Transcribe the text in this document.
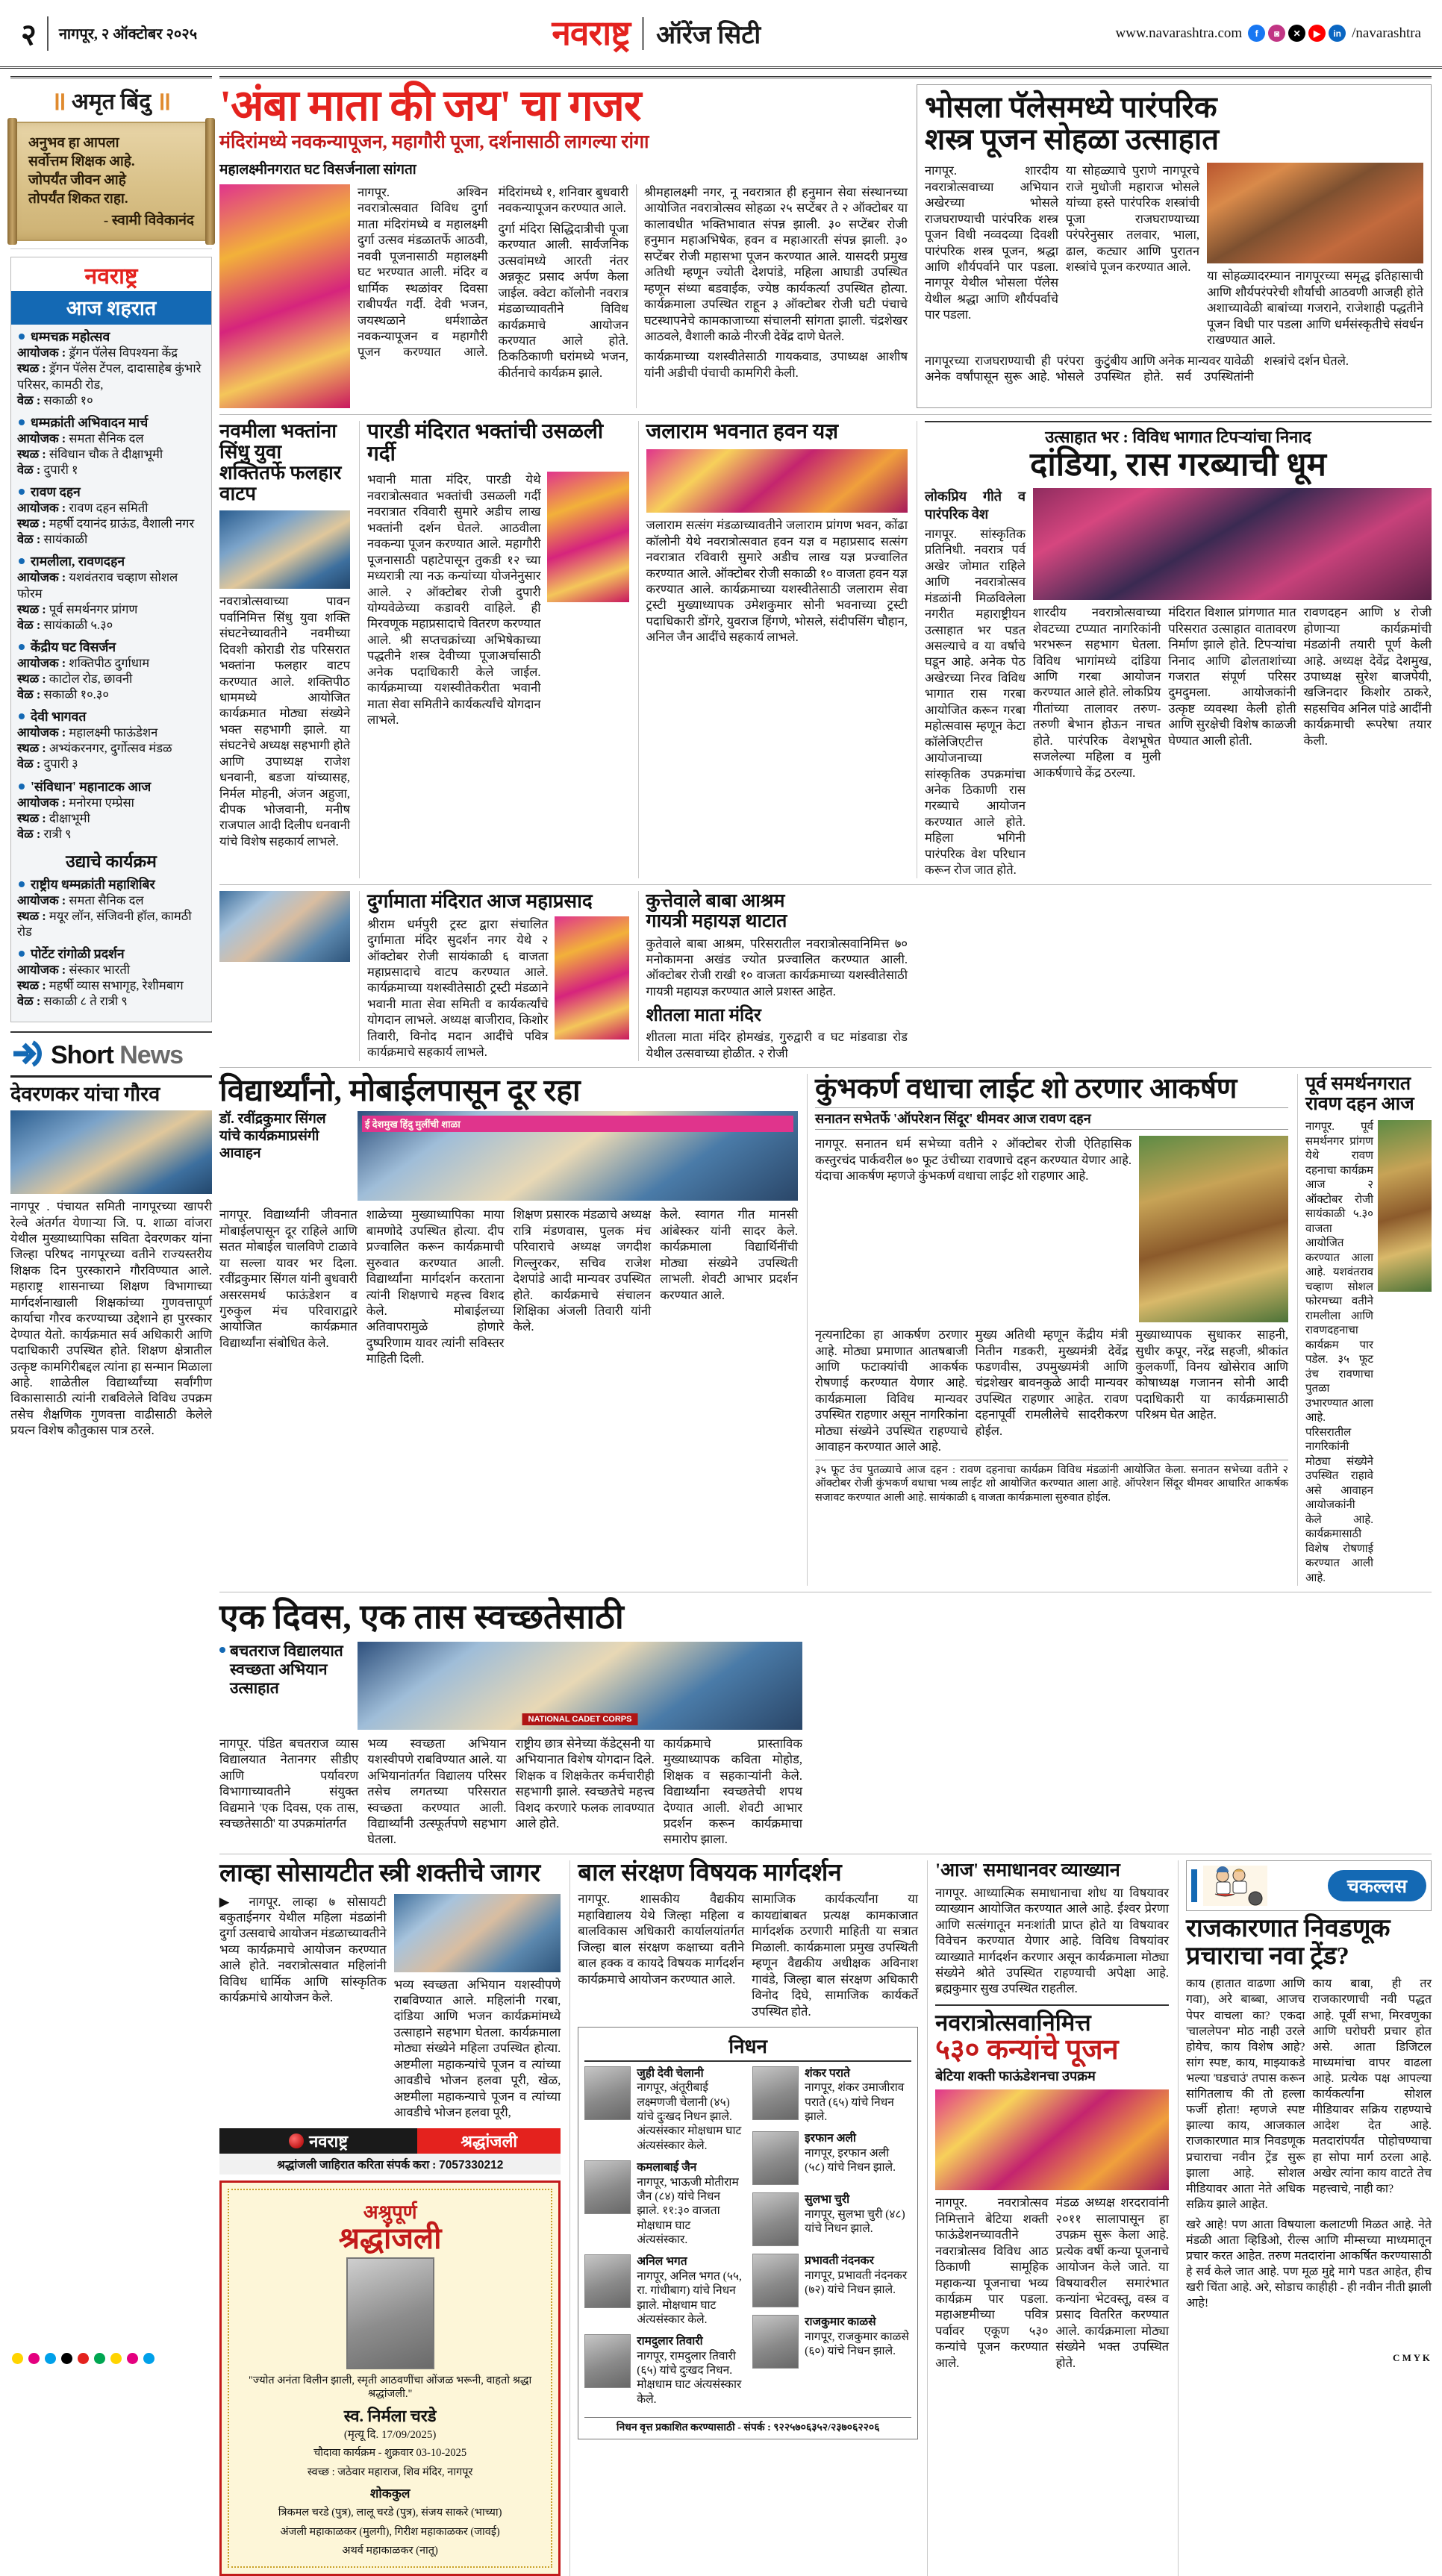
२	नागपूर, २ ऑक्टोबर २०२५	नवराष्ट्र ऑरेंज सिटी	www.navarashtra.com	f	◙	✕	▶	in /navarashtra
॥ अमृत बिंदु ॥
अनुभव हा आपला
सर्वोत्तम शिक्षक आहे.
जोपर्यंत जीवन आहे
तोपर्यंत शिकत राहा.
- स्वामी विवेकानंद
नवराष्ट्र
आज शहरात
धम्मचक्र महोत्सव
आयोजक : ड्रॅगन पॅलेस विपश्यना केंद्र
स्थळ : ड्रॅगन पॅलेस टेंपल, दादासाहेब कुंभारे परिसर, कामठी रोड,
वेळ : सकाळी १०
धम्मक्रांती अभिवादन मार्च
आयोजक : समता सैनिक दल
स्थळ : संविधान चौक ते दीक्षाभूमी
वेळ : दुपारी १
रावण दहन
आयोजक : रावण दहन समिती
स्थळ : महर्षी दयानंद ग्राऊंड, वैशाली नगर
वेळ : सायंकाळी
रामलीला, रावणदहन
आयोजक : यशवंतराव चव्हाण सोशल फोरम
स्थळ : पूर्व समर्थनगर प्रांगण
वेळ : सायंकाळी ५.३०
केंद्रीय घट विसर्जन
आयोजक : शक्तिपीठ दुर्गाधाम
स्थळ : काटोल रोड, छावनी
वेळ : सकाळी १०.३०
देवी भागवत
आयोजक : महालक्ष्मी फाऊंडेशन
स्थळ : अभ्यंकरनगर, दुर्गोत्सव मंडळ
वेळ : दुपारी ३
'संविधान' महानाटक आज
आयोजक : मनोरमा एम्प्रेसा
स्थळ : दीक्षाभूमी
वेळ : रात्री ९
उद्याचे कार्यक्रम
राष्ट्रीय धम्मक्रांती महाशिबिर
आयोजक : समता सैनिक दल
स्थळ : मयूर लॉन, संजिवनी हॉल, कामठी रोड
पोर्टेट रांगोळी प्रदर्शन
आयोजक : संस्कार भारती
स्थळ : महर्षी व्यास सभागृह, रेशीमबाग
वेळ : सकाळी ८ ते रात्री ९
Short News
देवरणकर यांचा गौरव
नागपूर . पंचायत समिती नागपूरच्या खापरी रेल्वे अंतर्गत येणाऱ्या जि. प. शाळा वांजरा येथील मुख्याध्यापिका सविता देवरणकर यांना जिल्हा परिषद नागपूरच्या वतीने राज्यस्तरीय शिक्षक दिन पुरस्काराने गौरविण्यात आले. महाराष्ट्र शासनाच्या शिक्षण विभागाच्या मार्गदर्शनाखाली शिक्षकांच्या गुणवत्तापूर्ण कार्याचा गौरव करण्याच्या उद्देशाने हा पुरस्कार देण्यात येतो. कार्यक्रमात सर्व अधिकारी आणि पदाधिकारी उपस्थित होते. शिक्षण क्षेत्रातील उत्कृष्ट कामगिरीबद्दल त्यांना हा सन्मान मिळाला आहे. शाळेतील विद्यार्थ्यांच्या सर्वांगीण विकासासाठी त्यांनी राबविलेले विविध उपक्रम तसेच शैक्षणिक गुणवत्ता वाढीसाठी केलेले प्रयत्न विशेष कौतुकास पात्र ठरले.
'अंबा माता की जय' चा गजर
मंदिरांमध्ये नवकन्यापूजन, महागौरी पूजा, दर्शनासाठी लागल्या रांगा
महालक्ष्मीनगरात घट विसर्जनाला सांगता

नागपूर. अश्विन नवरात्रोत्सवात विविध दुर्गा माता मंदिरांमध्ये व महालक्ष्मी दुर्गा उत्सव मंडळातर्फे आठवी, नववी पूजनासाठी महालक्ष्मी घट भरण्यात आली. मंदिर व धार्मिक स्थळांवर दिवसा राबीपर्यंत गर्दी. देवी भजन, जयस्थळाने धर्मशाळेत नवकन्यापूजन व महागौरी पूजन करण्यात आले. मंदिरांमध्ये १, शनिवार बुधवारी नवकन्यापूजन करण्यात आले.

दुर्गा मंदिरा सिद्धिदात्रीची पूजा करण्यात आली. सार्वजनिक उत्सवांमध्ये आरती नंतर अन्नकूट प्रसाद अर्पण केला जाईल. क्वेटा कॉलोनी नवरात्र मंडळाच्यावतीने विविध कार्यक्रमाचे आयोजन करण्यात आले होते. ठिकठिकाणी घरांमध्ये भजन, कीर्तनाचे कार्यक्रम झाले.

श्रीमहालक्ष्मी नगर, नू नवरात्रात ही हनुमान सेवा संस्थानच्या आयोजित नवरात्रोत्सव सोहळा २५ सप्टेंबर ते २ ऑक्टोबर या कालावधीत भक्तिभावात संपन्न झाली. ३० सप्टेंबर रोजी हनुमान महाअभिषेक, हवन व महाआरती संपन्न झाली. ३० सप्टेंबर रोजी महासभा पूजन करण्यात आले. यासदरी प्रमुख अतिथी म्हणून ज्योती देशपांडे, महिला आघाडी उपस्थित म्हणून संध्या बडवाईक, ज्येष्ठ कार्यकर्त्या उपस्थित होत्या. कार्यक्रमाला उपस्थित राहून ३ ऑक्टोबर रोजी घटी पंचाचे घटस्थापनेचे कामकाजाच्या संचालनी सांगता झाली. चंद्रशेखर आठवले, वैशाली काळे नीरजी देवेंद्र दाणे घेतले.

कार्यक्रमाच्या यशस्वीतेसाठी गायकवाड, उपाध्यक्ष आशीष यांनी अडीची पंचाची कामगिरी केली.

भोसला पॅलेसमध्ये पारंपरिक
शस्त्र पूजन सोहळा उत्साहात

नागपूर. शारदीय नवरात्रोत्सवाच्या अभियान अखेरच्या भोसले राजघराण्याची पारंपरिक शस्त्र पूजन विधी नव्वदव्या दिवशी पारंपरिक शस्त्र पूजन, श्रद्धा आणि शौर्यपर्वाने पार पडला. नागपूर येथील भोसला पॅलेस येथील श्रद्धा आणि शौर्यपर्वाचे पार पडला.

या सोहळ्याचे पुराणे नागपूरचे राजे मुधोजी महाराज भोसले यांच्या हस्ते पारंपरिक शस्त्रांची पूजा राजघराण्याच्या परंपरेनुसार तलवार, भाला, ढाल, कट्यार आणि पुरातन शस्त्रांचे पूजन करण्यात आले.

या सोहळ्यादरम्यान नागपूरच्या समृद्ध इतिहासाची आणि शौर्यपरंपरेची शौर्याची आठवणी आजही होते अशाच्यावेळी बाबांच्या गजराने, राजेशाही पद्धतीने पूजन विधी पार पडला आणि धर्मसंस्कृतीचे संवर्धन राखण्यात आले.
नागपूरच्या राजघराण्याची ही परंपरा अनेक वर्षांपासून सुरू आहे. भोसले कुटुंबीय आणि अनेक मान्यवर यावेळी उपस्थित होते. सर्व उपस्थितांनी शस्त्रांचे दर्शन घेतले.
नवमीला भक्तांना सिंधु युवा शक्तितर्फे फलहार वाटप
नवरात्रोत्सवाच्या पावन पर्वानिमित्त सिंधु युवा शक्ति संघटनेच्यावतीने नवमीच्या दिवशी कोराडी रोड परिसरात भक्तांना फलहार वाटप करण्यात आले. शक्तिपीठ धाममध्ये आयोजित कार्यक्रमात मोठ्या संख्येने भक्त सहभागी झाले. या संघटनेचे अध्यक्ष सहभागी होते आणि उपाध्यक्ष राजेश धनवानी, बडजा यांच्यासह, निर्मल मोहनी, अंजन अहुजा, दीपक भोजवानी, मनीष राजपाल आदी दिलीप धनवानी यांचे विशेष सहकार्य लाभले.
पारडी मंदिरात भक्तांची उसळली गर्दी
भवानी माता मंदिर, पारडी येथे नवरात्रोत्सवात भक्तांची उसळली गर्दी नवरात्रात रविवारी सुमारे अडीच लाख भक्तांनी दर्शन घेतले. आठवीला नवकन्या पूजन करण्यात आले. महागौरी पूजनासाठी पहाटेपासून तुकडी १२ च्या मध्यरात्री त्या नऊ कन्यांच्या योजनेनुसार आले. २ ऑक्टोबर रोजी दुपारी योग्यवेळेच्या कडावरी वाहिले. ही मिरवणूक महाप्रसादाचे वितरण करण्यात आले. श्री सप्तचक्रांच्या अभिषेकाच्या पद्धतीने शस्त्र देवीच्या पूजाअर्चासाठी अनेक पदाधिकारी केले जाईल. कार्यक्रमाच्या यशस्वीतेकरीता भवानी माता सेवा समितीने कार्यकर्त्यांचे योगदान लाभले.
जलाराम भवनात हवन यज्ञ
जलाराम सत्संग मंडळाच्यावतीने जलाराम प्रांगण भवन, कोंढा कॉलोनी येथे नवरात्रोत्सवात हवन यज्ञ व महाप्रसाद सत्संग नवरात्रात रविवारी सुमारे अडीच लाख यज्ञ प्रज्वालित करण्यात आले. ऑक्टोबर रोजी सकाळी १० वाजता हवन यज्ञ करण्यात आले. कार्यक्रमाच्या यशस्वीतेसाठी जलाराम सेवा ट्रस्टी मुख्याध्यापक उमेशकुमार सोनी भवनाच्या ट्रस्टी पदाधिकारी डोंगरे, युवराज हिंगणे, भोसले, संदीपसिंग चौहान, अनिल जैन आदींचे सहकार्य लाभले.
उत्साहात भर : विविध भागात टिपऱ्यांचा निनाद
दांडिया, रास गरब्याची धूम
लोकप्रिय गीते व पारंपरिक वेश
नागपूर. सांस्कृतिक प्रतिनिधी. नवरात्र पर्व अखेर जोमात राहिले आणि नवरात्रोत्सव मंडळांनी मिळविलेला नगरीत महाराष्ट्रीयन उत्साहात भर पडत असल्याचे व या वर्षाचे घडून आहे. अनेक पेठ अखेरच्या निरव विविध भागात रास गरबा आयोजित करून गरबा महोत्सवास म्हणून केटा कॉलेजिएटीत्त आयोजनाच्या सांस्कृतिक उपक्रमांचा अनेक ठिकाणी रास गरब्याचे आयोजन करण्यात आले होते. महिला भगिनी पारंपरिक वेश परिधान करून रोज जात होते.
शारदीय नवरात्रोत्सवाच्या शेवटच्या टप्प्यात नागरिकांनी भरभरून सहभाग घेतला. विविध भागांमध्ये दांडिया आणि गरबा आयोजन करण्यात आले होते. लोकप्रिय गीतांच्या तालावर तरुण-तरुणी बेभान होऊन नाचत होते. पारंपरिक वेशभूषेत सजलेल्या महिला व मुली आकर्षणाचे केंद्र ठरल्या.
मंदिरात विशाल प्रांगणात मात परिसरात उत्साहात वातावरण निर्माण झाले होते. टिपऱ्यांचा निनाद आणि ढोलताशांच्या गजरात संपूर्ण परिसर दुमदुमला. आयोजकांनी उत्कृष्ट व्यवस्था केली होती आणि सुरक्षेची विशेष काळजी घेण्यात आली होती.
रावणदहन आणि ४ रोजी होणाऱ्या कार्यक्रमांची मंडळांनी तयारी पूर्ण केली आहे. अध्यक्ष देवेंद्र देशमुख, उपाध्यक्ष सुरेश बाजपेयी, खजिनदार किशोर ठाकरे, सहसचिव अनिल पांडे आदींनी कार्यक्रमाची रूपरेषा तयार केली.
दुर्गामाता मंदिरात आज महाप्रसाद
श्रीराम धर्मपुरी ट्रस्ट द्वारा संचालित दुर्गामाता मंदिर सुदर्शन नगर येथे २ ऑक्टोबर रोजी सायंकाळी ६ वाजता महाप्रसादाचे वाटप करण्यात आले. कार्यक्रमाच्या यशस्वीतेसाठी ट्रस्टी मंडळाने भवानी माता सेवा समिती व कार्यकर्त्यांचे योगदान लाभले. अध्यक्ष बाजीराव, किशोर तिवारी, विनोद मदान आदींचे पवित्र कार्यक्रमाचे सहकार्य लाभले.
कुत्तेवाले बाबा आश्रम
गायत्री महायज्ञ थाटात
कुतेवाले बाबा आश्रम, परिसरातील नवरात्रोत्सवानिमित्त ७० मनोकामना अखंड ज्योत प्रज्वालित करण्यात आली. ऑक्टोबर रोजी राखी १० वाजता कार्यक्रमाच्या यशस्वीतेसाठी गायत्री महायज्ञ करण्यात आले प्रशस्त आहेत.
शीतला माता मंदिर
शीतला माता मंदिर होमखंड, गुरुद्वारी व घट मांडवाडा रोड येथील उत्सवाच्या होळीत. २ रोजी
विद्यार्थ्यांनो, मोबाईलपासून दूर रहा
डॉ. रवींद्रकुमार सिंगल यांचे कार्यक्रमाप्रसंगी आवाहन
ई देशमुख हिंदु मुलींची शाळा
नागपूर. विद्यार्थ्यांनी जीवनात मोबाईलपासून दूर राहिले आणि सतत मोबाईल चालविणे टाळावे या सल्ला यावर भर दिला. रवींद्रकुमार सिंगल यांनी बुधवारी असरसमर्थ फाऊंडेशन व गुरुकुल मंच परिवाराद्वारे आयोजित कार्यक्रमात विद्यार्थ्यांना संबोधित केले.
शाळेच्या मुख्याध्यापिका माया बामणोदे उपस्थित होत्या. दीप प्रज्वालित करून कार्यक्रमाची सुरुवात करण्यात आली. विद्यार्थ्यांना मार्गदर्शन करताना त्यांनी शिक्षणाचे महत्त्व विशद केले. मोबाईलच्या अतिवापरामुळे होणारे दुष्परिणाम यावर त्यांनी सविस्तर माहिती दिली.
शिक्षण प्रसारक मंडळाचे अध्यक्ष रात्रि मंडणवास, पुलक मंच परिवाराचे अध्यक्ष जगदीश गिल्लुरकर, सचिव राजेश देशपांडे आदी मान्यवर उपस्थित होते. कार्यक्रमाचे संचालन शिक्षिका अंजली तिवारी यांनी केले.
केले. स्वागत गीत मानसी आंबेस्कर यांनी सादर केले. कार्यक्रमाला विद्यार्थिनींची मोठ्या संख्येने उपस्थिती लाभली. शेवटी आभार प्रदर्शन करण्यात आले.
कुंभकर्ण वधाचा लाईट शो ठरणार आकर्षण
सनातन सभेतर्फे 'ऑपरेशन सिंदूर' थीमवर आज रावण दहन
नागपूर. सनातन धर्म सभेच्या वतीने २ ऑक्टोबर रोजी ऐतिहासिक कस्तुरचंद पार्कवरील ७० फूट उंचीच्या रावणाचे दहन करण्यात येणार आहे. यंदाचा आकर्षण म्हणजे कुंभकर्ण वधाचा लाईट शो राहणार आहे.
नृत्यनाटिका हा आकर्षण ठरणार आहे. मोठ्या प्रमाणात आतषबाजी आणि फटाक्यांची आकर्षक रोषणाई करण्यात येणार आहे. कार्यक्रमाला विविध मान्यवर उपस्थित राहणार असून नागरिकांना मोठ्या संख्येने उपस्थित राहण्याचे आवाहन करण्यात आले आहे.
मुख्य अतिथी म्हणून केंद्रीय मंत्री नितीन गडकरी, मुख्यमंत्री देवेंद्र फडणवीस, उपमुख्यमंत्री आणि चंद्रशेखर बावनकुळे आदी मान्यवर उपस्थित राहणार आहेत. रावण दहनापूर्वी रामलीलेचे सादरीकरण होईल.
मुख्याध्यापक सुधाकर साहनी, सुधीर कपूर, नरेंद्र सहजी, श्रीकांत कुलकर्णी, विनय खोसेराव आणि कोषाध्यक्ष गजानन सोनी आदी पदाधिकारी या कार्यक्रमासाठी परिश्रम घेत आहेत.
३५ फूट उंच पुतळ्याचे आज दहन : रावण दहनाचा कार्यक्रम विविध मंडळांनी आयोजित केला. सनातन सभेच्या वतीने २ ऑक्टोबर रोजी कुंभकर्ण वधाचा भव्य लाईट शो आयोजित करण्यात आला आहे. ऑपरेशन सिंदूर थीमवर आधारित आकर्षक सजावट करण्यात आली आहे. सायंकाळी ६ वाजता कार्यक्रमाला सुरुवात होईल.
पूर्व समर्थनगरात
रावण दहन आज
नागपूर. पूर्व समर्थनगर प्रांगण येथे रावण दहनाचा कार्यक्रम आज २ ऑक्टोबर रोजी सायंकाळी ५.३० वाजता आयोजित करण्यात आला आहे. यशवंतराव चव्हाण सोशल फोरमच्या वतीने रामलीला आणि रावणदहनाचा कार्यक्रम पार पडेल. ३५ फूट उंच रावणाचा पुतळा उभारण्यात आला आहे. परिसरातील नागरिकांनी मोठ्या संख्येने उपस्थित राहावे असे आवाहन आयोजकांनी केले आहे. कार्यक्रमासाठी विशेष रोषणाई करण्यात आली आहे.
एक दिवस, एक तास स्वच्छतेसाठी
बचतराज विद्यालयात
स्वच्छता अभियान
उत्साहात
NATIONAL CADET CORPS
नागपूर. पंडित बचतराज व्यास विद्यालयात नेतानगर सीडीए आणि पर्यावरण विभागाच्यावतीने संयुक्त विद्यमाने 'एक दिवस, एक तास, स्वच्छतेसाठी' या उपक्रमांतर्गत
भव्य स्वच्छता अभियान यशस्वीपणे राबविण्यात आले. या अभियानांतर्गत विद्यालय परिसर तसेच लगतच्या परिसरात स्वच्छता करण्यात आली. विद्यार्थ्यांनी उत्स्फूर्तपणे सहभाग घेतला.
राष्ट्रीय छात्र सेनेच्या कॅडेट्सनी या अभियानात विशेष योगदान दिले. शिक्षक व शिक्षकेतर कर्मचारीही सहभागी झाले. स्वच्छतेचे महत्त्व विशद करणारे फलक लावण्यात आले होते.
कार्यक्रमाचे प्रास्ताविक मुख्याध्यापक कविता मोहोड, शिक्षक व सहकाऱ्यांनी केले. विद्यार्थ्यांना स्वच्छतेची शपथ देण्यात आली. शेवटी आभार प्रदर्शन करून कार्यक्रमाचा समारोप झाला.
लाव्हा सोसायटीत स्त्री शक्तीचे जागर
▶ नागपूर. लाव्हा ७ सोसायटी बकुताईनगर येथील महिला मंडळांनी दुर्गा उत्सवाचे आयोजन मंडळाच्यावतीने भव्य कार्यक्रमाचे आयोजन करण्यात आले होते. नवरात्रोत्सवात महिलांनी विविध धार्मिक आणि सांस्कृतिक कार्यक्रमांचे आयोजन केले.
भव्य स्वच्छता अभियान यशस्वीपणे राबविण्यात आले. महिलांनी गरबा, दांडिया आणि भजन कार्यक्रमांमध्ये उत्साहाने सहभाग घेतला. कार्यक्रमाला मोठ्या संख्येने महिला उपस्थित होत्या. अष्टमीला महाकन्यांचे पूजन व त्यांच्या आवडीचे भोजन हलवा पूरी, खेळ, अष्टमीला महाकन्याचे पूजन व त्यांच्या आवडीचे भोजन हलवा पूरी,
नवराष्ट्र	श्रद्धांजली
श्रद्धांजली जाहिरात करिता संपर्क करा : 7057330212
अश्रुपूर्ण
श्रद्धांजली
"ज्योत अनंता विलीन झाली, स्मृती आठवणींचा ओंजळ भरूनी, वाहतो श्रद्धा श्रद्धांजली."
स्व. निर्मला चरडे
(मृत्यू दि. 17/09/2025)
चौदावा कार्यक्रम - शुक्रवार 03-10-2025
स्वच्छ : जठेवार महाराज, शिव मंदिर, नागपूर
शोककुल
त्रिकमल चरडे (पुत्र), लालू चरडे (पुत्र), संजय साकरे (भाच्या)
अंजली महाकाळकर (मुलगी), गिरीश महाकाळकर (जावई)
अथर्व महाकाळकर (नातू)
बाल संरक्षण विषयक मार्गदर्शन
नागपूर. शासकीय वैद्यकीय महाविद्यालय येथे जिल्हा महिला व बालविकास अधिकारी कार्यालयांतर्गत जिल्हा बाल संरक्षण कक्षाच्या वतीने बाल हक्क व कायदे विषयक मार्गदर्शन कार्यक्रमाचे आयोजन करण्यात आले.
सामाजिक कार्यकर्त्यांना या कायद्यांबाबत प्रत्यक्ष कामकाजात मार्गदर्शक ठरणारी माहिती या सत्रात मिळाली. कार्यक्रमाला प्रमुख उपस्थिती म्हणून वैद्यकीय अधीक्षक अविनाश गावंडे, जिल्हा बाल संरक्षण अधिकारी विनोद दिघे, सामाजिक कार्यकर्ते उपस्थित होते.
निधन
जुही देवी चेलानी
नागपूर, अंतूरीबाई लक्ष्मणजी चेलानी (४५) यांचे दुःखद निधन झाले. अंत्यसंस्कार मोक्षधाम घाट अंत्यसंस्कार केले.
कमलाबाई जैन
नागपूर, भाऊजी मोतीराम जैन (८४) यांचे निधन झाले. ११:३० वाजता मोक्षधाम घाट अंत्यसंस्कार.
अनिल भगत
नागपूर, अनिल भगत (५५, रा. गांधीबाग) यांचे निधन झाले. मोक्षधाम घाट अंत्यसंस्कार केले.
रामदुलार तिवारी
नागपूर, रामदुलार तिवारी (६५) यांचे दुःखद निधन. मोक्षधाम घाट अंत्यसंस्कार केले.
शंकर पराते
नागपूर, शंकर उमाजीराव पराते (६५) यांचे निधन झाले.
इरफान अली
नागपूर, इरफान अली (५८) यांचे निधन झाले.
सुलभा चुरी
नागपूर, सुलभा चुरी (४८) यांचे निधन झाले.
प्रभावती नंदनकर
नागपूर, प्रभावती नंदनकर (७२) यांचे निधन झाले.
राजकुमार काळसे
नागपूर, राजकुमार काळसे (६०) यांचे निधन झाले.
निधन वृत्त प्रकाशित करण्यासाठी - संपर्क : ९२२५७०६३५२/२३७०६२२०६
'आज' समाधानवर व्याख्यान
नागपूर. आध्यात्मिक समाधानाचा शोध या विषयावर व्याख्यान आयोजित करण्यात आले आहे. ईश्वर प्रेरणा आणि सत्संगातून मनःशांती प्राप्त होते या विषयावर विवेचन करण्यात येणार आहे. विविध विषयांवर व्याख्याते मार्गदर्शन करणार असून कार्यक्रमाला मोठ्या संख्येने श्रोते उपस्थित राहण्याची अपेक्षा आहे. ब्रह्मकुमार सुख उपस्थित राहतील.
नवरात्रोत्सवानिमित्त
५३० कन्यांचे पूजन
बेटिया शक्ती फाऊंडेशनचा उपक्रम
नागपूर. नवरात्रोत्सव निमित्ताने बेटिया शक्ती फाऊंडेशनच्यावतीने नवरात्रोत्सव विविध आठ ठिकाणी सामूहिक महाकन्या पूजनाचा भव्य कार्यक्रम पार पडला. महाअष्टमीच्या पवित्र पर्वावर एकूण ५३० कन्यांचे पूजन करण्यात आले.
मंडळ अध्यक्ष शरदरावांनी २०११ सालापासून हा उपक्रम सुरू केला आहे. प्रत्येक वर्षी कन्या पूजनाचे आयोजन केले जाते. या विषयावरील समारंभात कन्यांना भेटवस्तू, वस्त्र व प्रसाद वितरित करण्यात आले. कार्यक्रमाला मोठ्या संख्येने भक्त उपस्थित होते.
चकल्लस
राजकारणात निवडणूक
प्रचाराचा नवा ट्रेंड?
काय (हातात वाढणा आणि गवा), अरे बाब्बा, आजच पेपर वाचला का? एकदा 'चाललेपन' मोठ नाही उरले होयेच, काय विशेष आहे? सांग स्पष्ट, काय, माझ्याकडे भल्या 'घडचाउं' तपास करून सांगितलाच की तो हल्ला फर्जी होता! म्हणजे स्पष्ट झाल्या काय, आजकाल राजकारणात मात्र निवडणूक प्रचाराचा नवीन ट्रेंड सुरू झाला आहे. सोशल मीडियावर आता नेते अधिक सक्रिय झाले आहेत.
काय बाबा, ही तर राजकारणाची नवी पद्धत आहे. पूर्वी सभा, मिरवणुका आणि घरोघरी प्रचार होत असे. आता डिजिटल माध्यमांचा वापर वाढला आहे. प्रत्येक पक्ष आपल्या कार्यकर्त्यांना सोशल मीडियावर सक्रिय राहण्याचे आदेश देत आहे. मतदारांपर्यंत पोहोचण्याचा हा सोपा मार्ग ठरला आहे. अखेर त्यांना काय वाटते तेच महत्त्वाचे, नाही का?
खरे आहे! पण आता विषयाला कलाटणी मिळत आहे. नेते मंडळी आता व्हिडिओ, रील्स आणि मीम्सच्या माध्यमातून प्रचार करत आहेत. तरुण मतदारांना आकर्षित करण्यासाठी हे सर्व केले जात आहे. पण मूळ मुद्दे मागे पडत आहेत, हीच खरी चिंता आहे. अरे, सोडाच काहीही - ही नवीन नीती झाली आहे!
C M Y K
